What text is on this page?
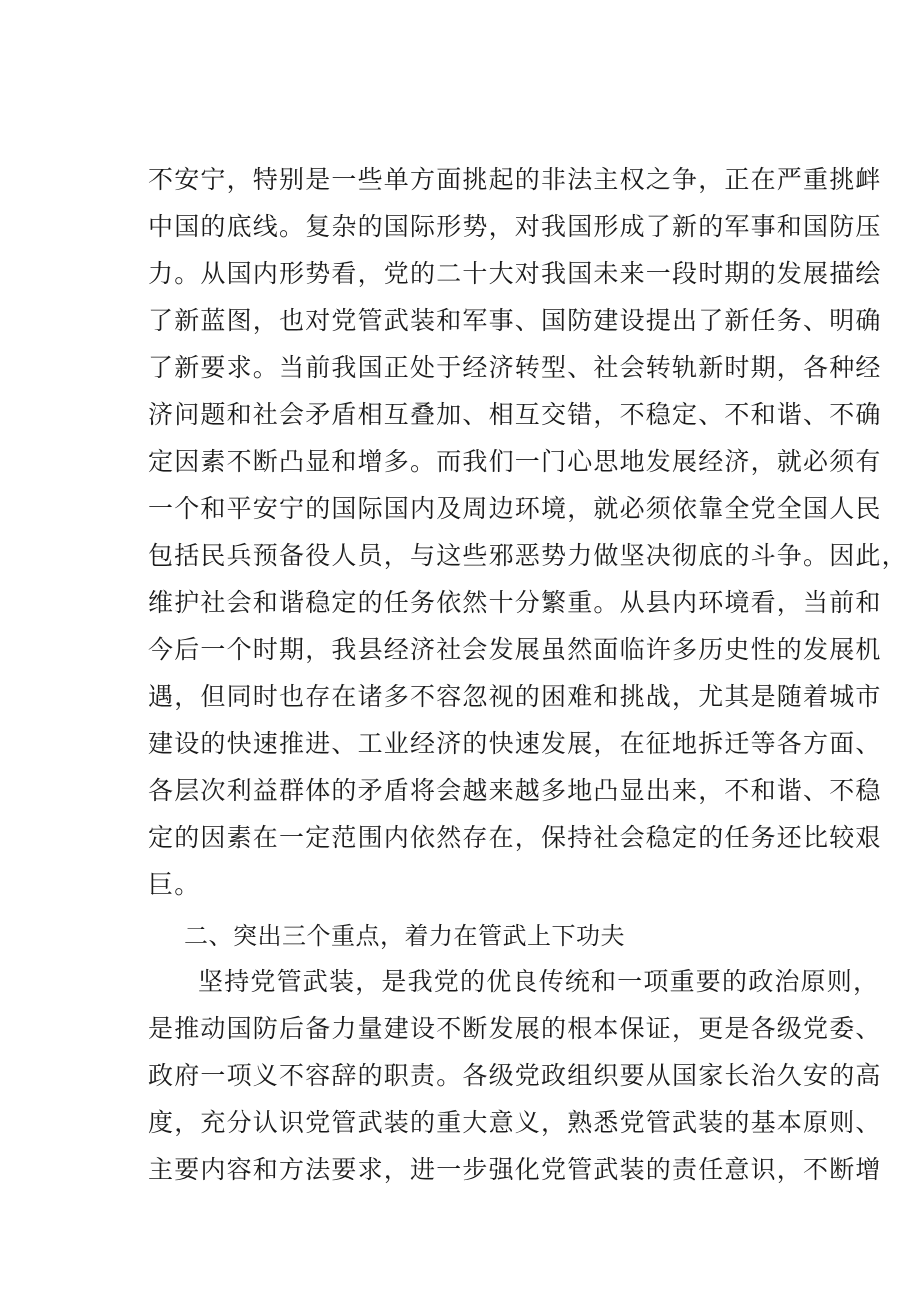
不安宁，特别是一些单方面挑起的非法主权之争，正在严重挑衅
中国的底线。复杂的国际形势，对我国形成了新的军事和国防压
力。从国内形势看，党的二十大对我国未来一段时期的发展描绘
了新蓝图，也对党管武装和军事、国防建设提出了新任务、明确
了新要求。当前我国正处于经济转型、社会转轨新时期，各种经
济问题和社会矛盾相互叠加、相互交错，不稳定、不和谐、不确
定因素不断凸显和增多。而我们一门心思地发展经济，就必须有
一个和平安宁的国际国内及周边环境，就必须依靠全党全国人民
包括民兵预备役人员，与这些邪恶势力做坚决彻底的斗争。因此，
维护社会和谐稳定的任务依然十分繁重。从县内环境看，当前和
今后一个时期，我县经济社会发展虽然面临许多历史性的发展机
遇，但同时也存在诸多不容忽视的困难和挑战，尤其是随着城市
建设的快速推进、工业经济的快速发展，在征地拆迁等各方面、
各层次利益群体的矛盾将会越来越多地凸显出来，不和谐、不稳
定的因素在一定范围内依然存在，保持社会稳定的任务还比较艰
巨。
二、突出三个重点，着力在管武上下功夫
坚持党管武装，是我党的优良传统和一项重要的政治原则，
是推动国防后备力量建设不断发展的根本保证，更是各级党委、
政府一项义不容辞的职责。各级党政组织要从国家长治久安的高
度，充分认识党管武装的重大意义，熟悉党管武装的基本原则、
主要内容和方法要求，进一步强化党管武装的责任意识，不断增
